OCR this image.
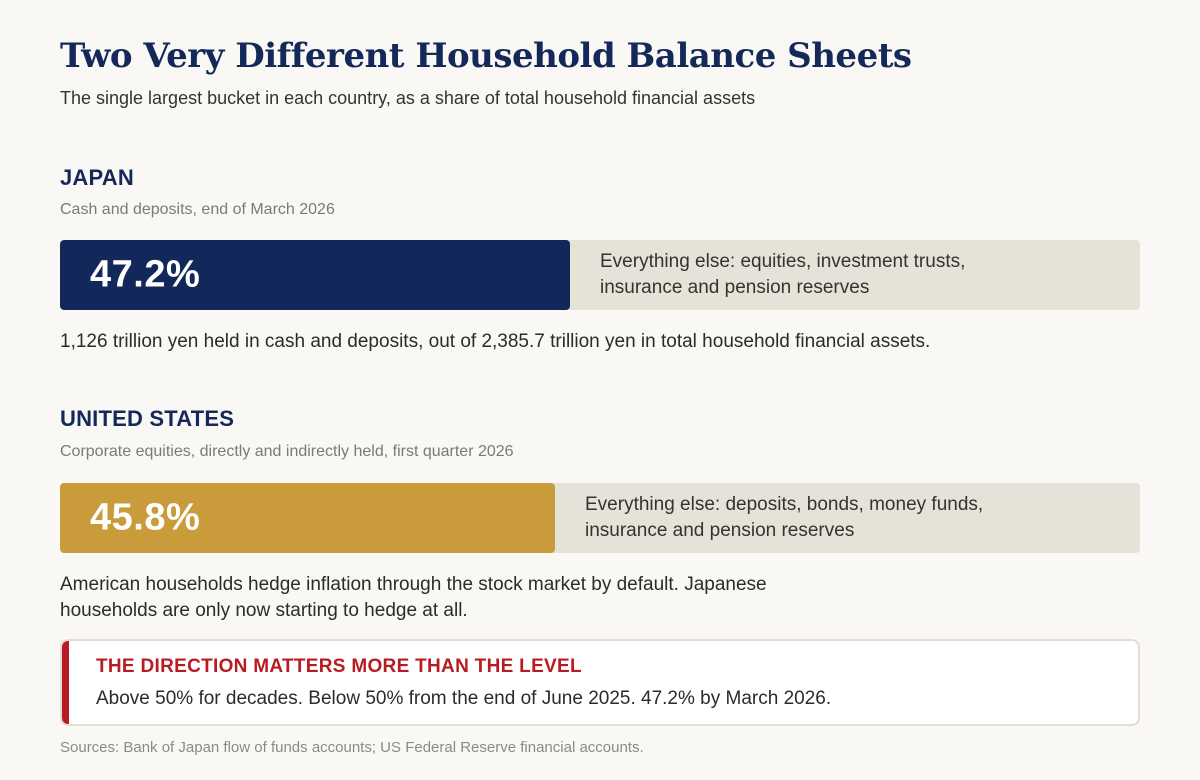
Two Very Different Household Balance Sheets

The single largest bucket in each country, as a share of total household financial assets

JAPAN

Cash and deposits, end of March 2026

47.2%	Everything else: equities, investment trusts, insurance and pension reserves

1,126 trillion yen held in cash and deposits, out of 2,385.7 trillion yen in total household financial assets.

UNITED STATES

Corporate equities, directly and indirectly held, first quarter 2026

45.8%	Everything else: deposits, bonds, money funds, insurance and pension reserves

American households hedge inflation through the stock market by default. Japanese households are only now starting to hedge at all.

THE DIRECTION MATTERS MORE THAN THE LEVEL

Above 50% for decades. Below 50% from the end of June 2025. 47.2% by March 2026.

Sources: Bank of Japan flow of funds accounts; US Federal Reserve financial accounts.
